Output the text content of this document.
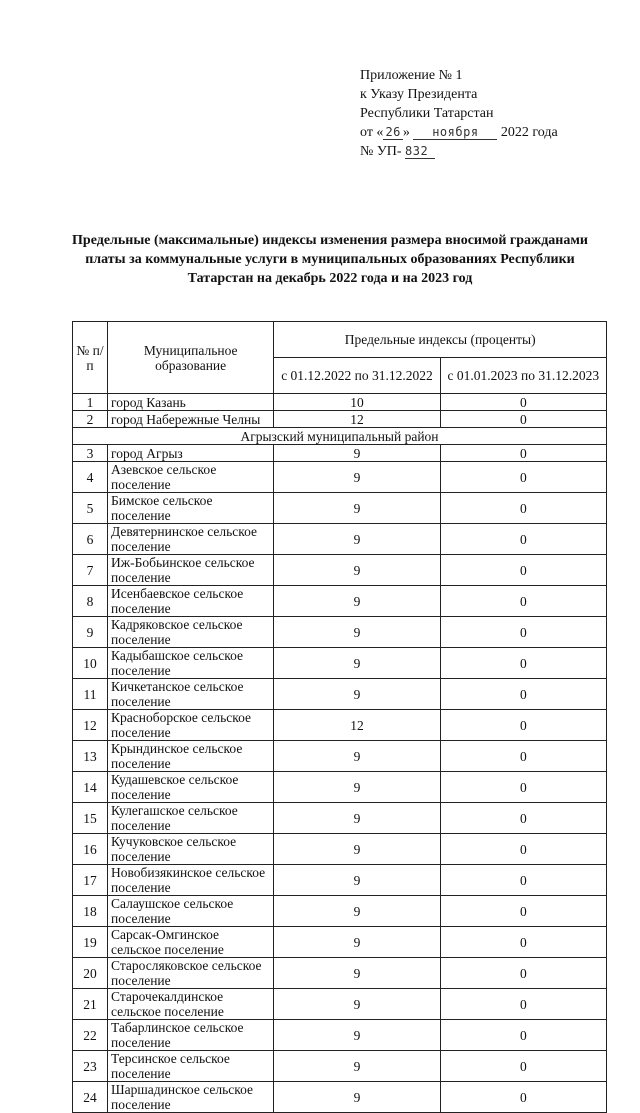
Приложение № 1
к Указу Президента
Республики Татарстан
от « 26 » ноября 2022 года
№ УП- 832
Предельные (максимальные) индексы изменения размера вносимой гражданами платы за коммунальные услуги в муниципальных образованиях Республики Татарстан на декабрь 2022 года и на 2023 год
№ п/п	Муниципальное образование	Предельные индексы (проценты)	
		с 01.12.2022 по 31.12.2022	с 01.01.2023 по 31.12.2023
1	город Казань	10	0
2	город Набережные Челны	12	0
Агрызский муниципальный район			
3	город Агрыз	9	0
4	Азевское сельское поселение	9	0
5	Бимское сельское поселение	9	0
6	Девятернинское сельское поселение	9	0
7	Иж-Бобьинское сельское поселение	9	0
8	Исенбаевское сельское поселение	9	0
9	Кадряковское сельское поселение	9	0
10	Кадыбашское сельское поселение	9	0
11	Кичкетанское сельское поселение	9	0
12	Красноборское сельское поселение	12	0
13	Крындинское сельское поселение	9	0
14	Кудашевское сельское поселение	9	0
15	Кулегашское сельское поселение	9	0
16	Кучуковское сельское поселение	9	0
17	Новобизякинское сельское поселение	9	0
18	Салаушское сельское поселение	9	0
19	Сарсак-Омгинское сельское поселение	9	0
20	Старосляковское сельское поселение	9	0
21	Старочекалдинское сельское поселение	9	0
22	Табарлинское сельское поселение	9	0
23	Терсинское сельское поселение	9	0
24	Шаршадинское сельское поселение	9	0
